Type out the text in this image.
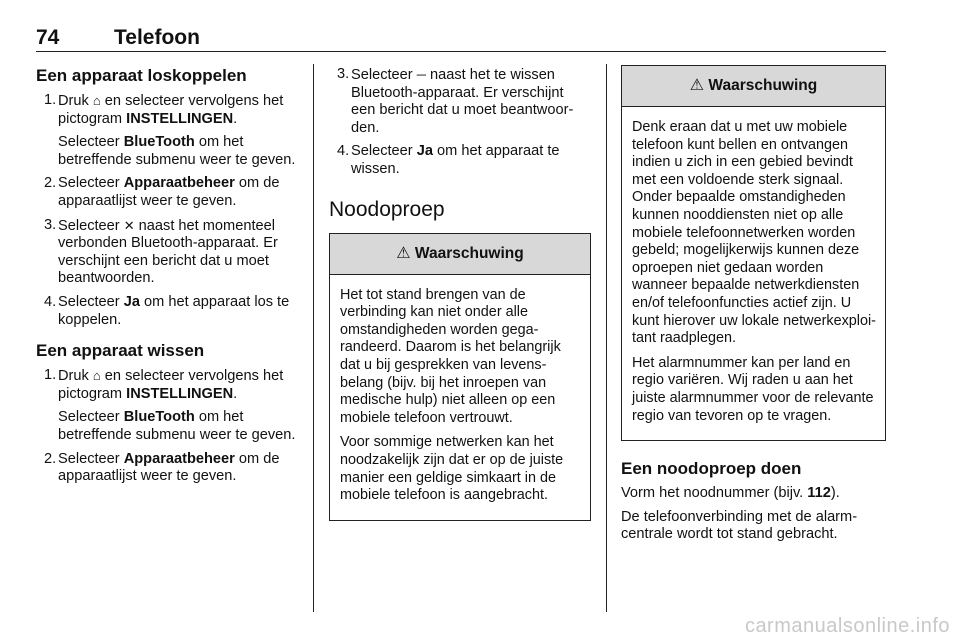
74	Telefoon
Een apparaat loskoppelen
1. Druk ⌂ en selecteer vervolgens het pictogram INSTELLINGEN.

Selecteer BlueTooth om het betreffende submenu weer te geven.

2. Selecteer Apparaatbeheer om de apparaatlijst weer te geven.

3. Selecteer ✕ naast het momenteel verbonden Bluetooth-apparaat. Er verschijnt een bericht dat u moet beantwoorden.

4. Selecteer Ja om het apparaat los te koppelen.

Een apparaat wissen
1. Druk ⌂ en selecteer vervolgens het pictogram INSTELLINGEN.

Selecteer BlueTooth om het betreffende submenu weer te geven.

2. Selecteer Apparaatbeheer om de apparaatlijst weer te geven.

3. Selecteer ─ naast het te wissen Bluetooth-apparaat. Er verschijnt een bericht dat u moet beantwoorden.

4. Selecteer Ja om het apparaat te wissen.

Noodoproep
⚠ Waarschuwing

Het tot stand brengen van de verbinding kan niet onder alle omstandigheden worden gegarandeerd. Daarom is het belangrijk dat u bij gesprekken van levensbelang (bijv. bij het inroepen van medische hulp) niet alleen op een mobiele telefoon vertrouwt.

Voor sommige netwerken kan het noodzakelijk zijn dat er op de juiste manier een geldige simkaart in de mobiele telefoon is aangebracht.

⚠ Waarschuwing

Denk eraan dat u met uw mobiele telefoon kunt bellen en ontvangen indien u zich in een gebied bevindt met een voldoende sterk signaal. Onder bepaalde omstandigheden kunnen nooddiensten niet op alle mobiele telefoonnetwerken worden gebeld; mogelijkerwijs kunnen deze oproepen niet gedaan worden wanneer bepaalde netwerkdiensten en/of telefoonfuncties actief zijn. U kunt hierover uw lokale netwerkexploitant raadplegen.

Het alarmnummer kan per land en regio variëren. Wij raden u aan het juiste alarmnummer voor de relevante regio van tevoren op te vragen.

Een noodoproep doen

Vorm het noodnummer (bijv. 112).

De telefoonverbinding met de alarmcentrale wordt tot stand gebracht.

carmanualsonline.info
